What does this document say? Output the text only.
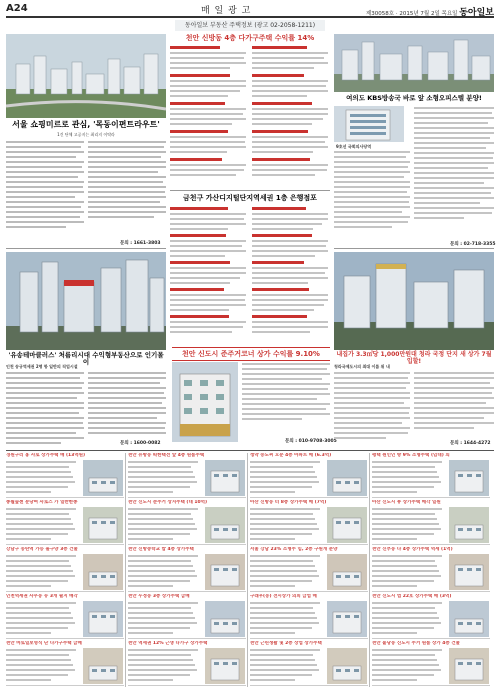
A24	매 일 광 고	제30058호 · 2015년 7월 2일 목요일 동아일보
동아일보 부동산 주택정보 (광고 02-2058-1211)
서울 쇼핑미르로 관심, '목동이편트라우트'
1건 단체 고공지는 최리지 이탁라
문의 : 1661-3803
'유송테마클러스' 처름리시대 수익형부동산으로 인기몰이
인천 송규역세권 2명 항 일반의 직업시설
문의 : 1600-0082
천안 신방동 4층 다가구주택 수익률 14%
금천구 가산디지털단지역세권 1층 은행점포
천안 신도시 준주거코너 상가 수익률 9.10%
문의 : 010-9708-3005
여의도 KBS방송국 바로 앞 소형오피스텔 분양!
9호선 국회의사당역
문의 : 02-718-3355
내집가 3.3㎡당 1,000만원대 청라 국정 단지 새 상가 7월 입할!
청라국제도시의 최대 이름 위 내
문의 : 1644-4272
경원구리 홍 사로 상가주택 매 (13억원)
종월숲센 분당여 사로스 가 일반한종
강남구 동탄역 가능 돌구양 3층 건물
인천역세권 사무동 뉴 3개 필지 매각
천안 마토일보영식 단 다가구주택 급매
천안 유방동 따한택전 앞 4층 원룸주택
천안 신도시 준주거 상지주택 (대 10억)
천안 신방중학교 밥 4층 상가주택
천안 두정동 3층 상가주택 급매
천안 역세권 12% 근생 다가구 상가주택
청약 송도씨 오분 4층 아파트 매 (6.3억)
아산 신방동 터 8층 상가주택 매 (7억)
서울 강남 23% 소형주 임, 2층 구원개 분양
구래우(동) 전시상가 의피 급업 매
천안 근린생활 및 2층 상업 상가주택
평택 원인인 방 9% 소형주택 (임대) 의
아산 신도시 뷰 상가주택 매각 일원
천안 신부동 다 4층 상가주택 역세 (1억)
천안 신도시 법 22호 상가주택 매 (3억)
천안 불당동 신도시 주거 원룸 상가 4층 건물
